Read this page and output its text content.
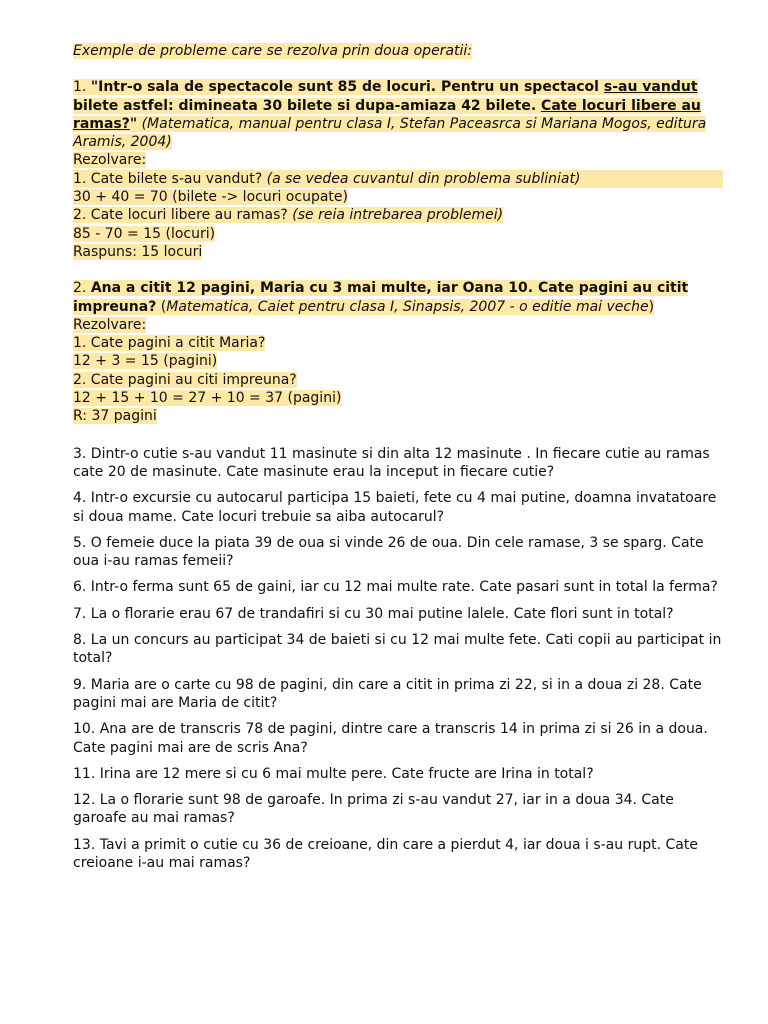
Exemple de probleme care se rezolva prin doua operatii:
1. "Intr-o sala de spectacole sunt 85 de locuri. Pentru un spectacol s-au vandut bilete astfel: dimineata 30 bilete si dupa-amiaza 42 bilete. Cate locuri libere au ramas?" (Matematica, manual pentru clasa I, Stefan Paceasrca si Mariana Mogos, editura Aramis, 2004)
Rezolvare:
1. Cate bilete s-au vandut? (a se vedea cuvantul din problema subliniat)
30 + 40 = 70 (bilete -> locuri ocupate)
2. Cate locuri libere au ramas? (se reia intrebarea problemei)
85 - 70 = 15 (locuri)
Raspuns: 15 locuri
2. Ana a citit 12 pagini, Maria cu 3 mai multe, iar Oana 10. Cate pagini au citit impreuna? (Matematica, Caiet pentru clasa I, Sinapsis, 2007 - o editie mai veche)
Rezolvare:
1. Cate pagini a citit Maria?
12 + 3 = 15 (pagini)
2. Cate pagini au citi impreuna?
12 + 15 + 10 = 27 + 10 = 37 (pagini)
R: 37 pagini

3. Dintr-o cutie s-au vandut 11 masinute si din alta 12 masinute . In fiecare cutie au ramas cate 20 de masinute. Cate masinute erau la inceput in fiecare cutie?

4. Intr-o excursie cu autocarul participa 15 baieti, fete cu 4 mai putine, doamna invatatoare si doua mame. Cate locuri trebuie sa aiba autocarul?

5. O femeie duce la piata 39 de oua si vinde 26 de oua. Din cele ramase, 3 se sparg. Cate oua i-au ramas femeii?

6. Intr-o ferma sunt 65 de gaini, iar cu 12 mai multe rate. Cate pasari sunt in total la ferma?

7. La o florarie erau 67 de trandafiri si cu 30 mai putine lalele. Cate flori sunt in total?

8. La un concurs au participat 34 de baieti si cu 12 mai multe fete. Cati copii au participat in total?

9. Maria are o carte cu 98 de pagini, din care a citit in prima zi 22, si in a doua zi 28. Cate pagini mai are Maria de citit?

10. Ana are de transcris 78 de pagini, dintre care a transcris 14 in prima zi si 26 in a doua. Cate pagini mai are de scris Ana?

11. Irina are 12 mere si cu 6 mai multe pere. Cate fructe are Irina in total?

12. La o florarie sunt 98 de garoafe. In prima zi s-au vandut 27, iar in a doua 34. Cate garoafe au mai ramas?

13. Tavi a primit o cutie cu 36 de creioane, din care a pierdut 4, iar doua i s-au rupt. Cate creioane i-au mai ramas?
